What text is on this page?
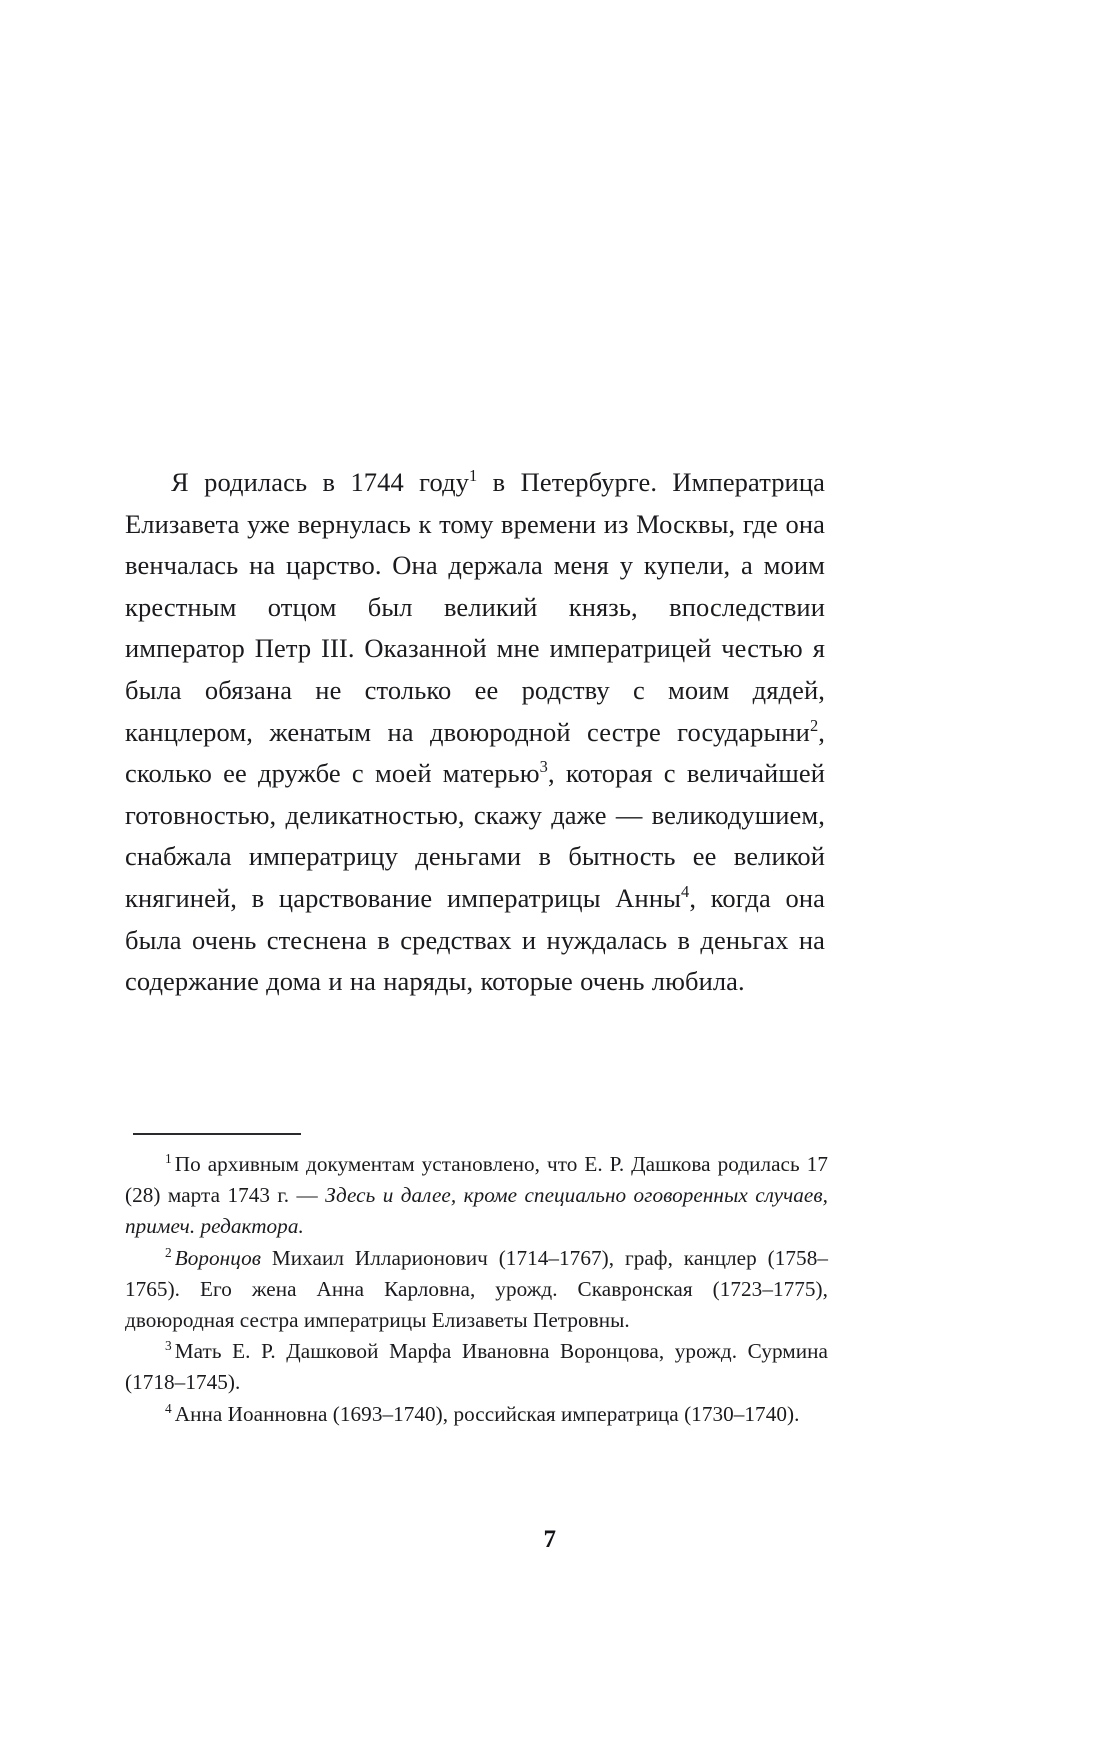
Я родилась в 1744 году$^1$ в Петербурге. Императрица Елизавета уже вернулась к тому времени из Москвы, где она венчалась на царство. Она держала меня у купели, а моим крестным отцом был великий князь, впоследствии император Петр III. Оказанной мне императрицей честью я была обязана не столько ее родству с моим дядей, канцлером, женатым на двоюродной сестре государыни$^2$, сколько ее дружбе с моей матерью$^3$, которая с величайшей готовностью, деликатностью, скажу даже — великодушием, снабжала императрицу деньгами в бытность ее великой княгиней, в царствование императрицы Анны$^4$, когда она была очень стеснена в средствах и нуждалась в деньгах на содержание дома и на наряды, которые очень любила.

$^1$ По архивным документам установлено, что Е. Р. Дашкова родилась 17 (28) марта 1743 г. — Здесь и далее, кроме специально оговоренных случаев, примеч. редактора.

$^2$ Воронцов Михаил Илларионович (1714–1767), граф, канцлер (1758–1765). Его жена Анна Карловна, урожд. Скавронская (1723–1775), двоюродная сестра императрицы Елизаветы Петровны.

$^3$ Мать Е. Р. Дашковой Марфа Ивановна Воронцова, урожд. Сурмина (1718–1745).

$^4$ Анна Иоанновна (1693–1740), российская императрица (1730–1740).

7
